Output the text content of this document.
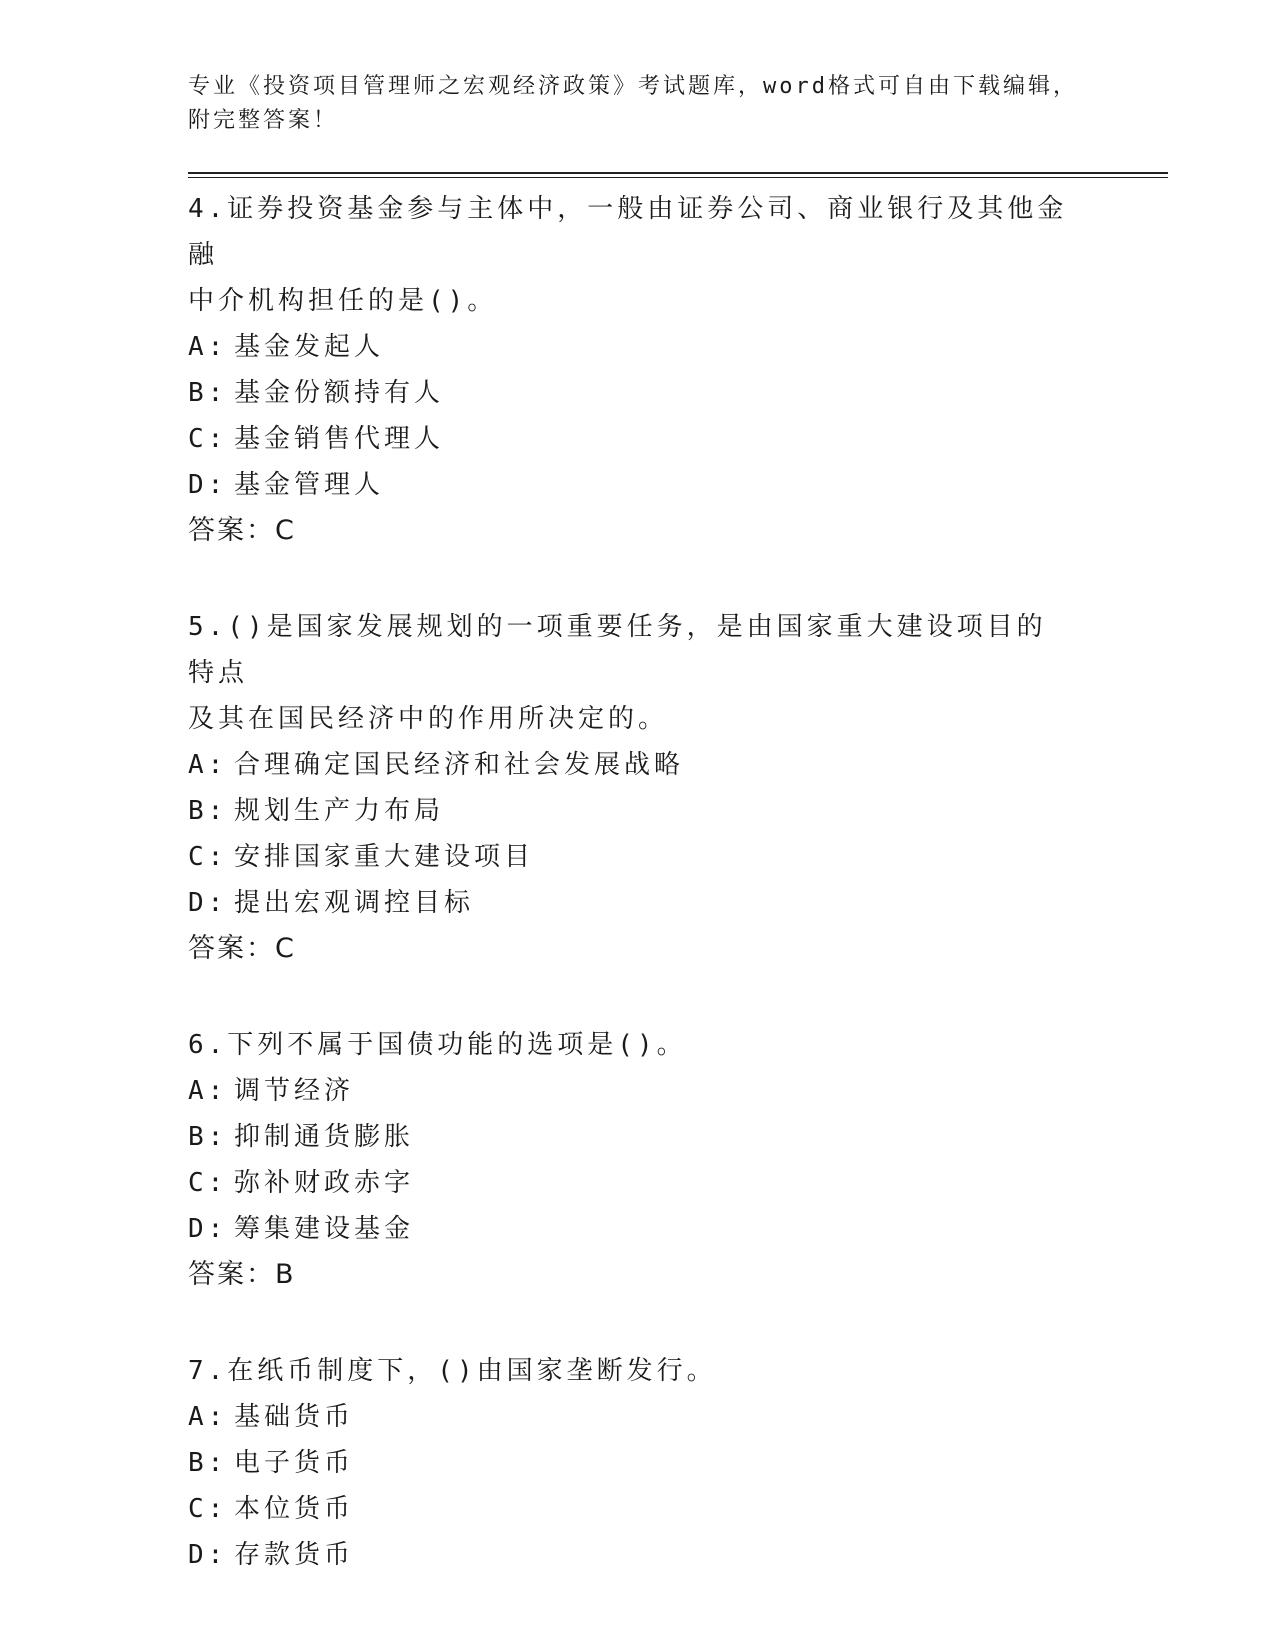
专业《投资项目管理师之宏观经济政策》考试题库，word格式可自由下载编辑，

附完整答案！

4.证券投资基金参与主体中，一般由证券公司、商业银行及其他金融
中介机构担任的是()。

A: 基金发起人

B: 基金份额持有人

C: 基金销售代理人

D: 基金管理人

答案：C

5.()是国家发展规划的一项重要任务，是由国家重大建设项目的特点
及其在国民经济中的作用所决定的。

A: 合理确定国民经济和社会发展战略

B: 规划生产力布局

C: 安排国家重大建设项目

D: 提出宏观调控目标

答案：C

6.下列不属于国债功能的选项是()。

A: 调节经济

B: 抑制通货膨胀

C: 弥补财政赤字

D: 筹集建设基金

答案：B

7.在纸币制度下，()由国家垄断发行。

A: 基础货币

B: 电子货币

C: 本位货币

D: 存款货币
